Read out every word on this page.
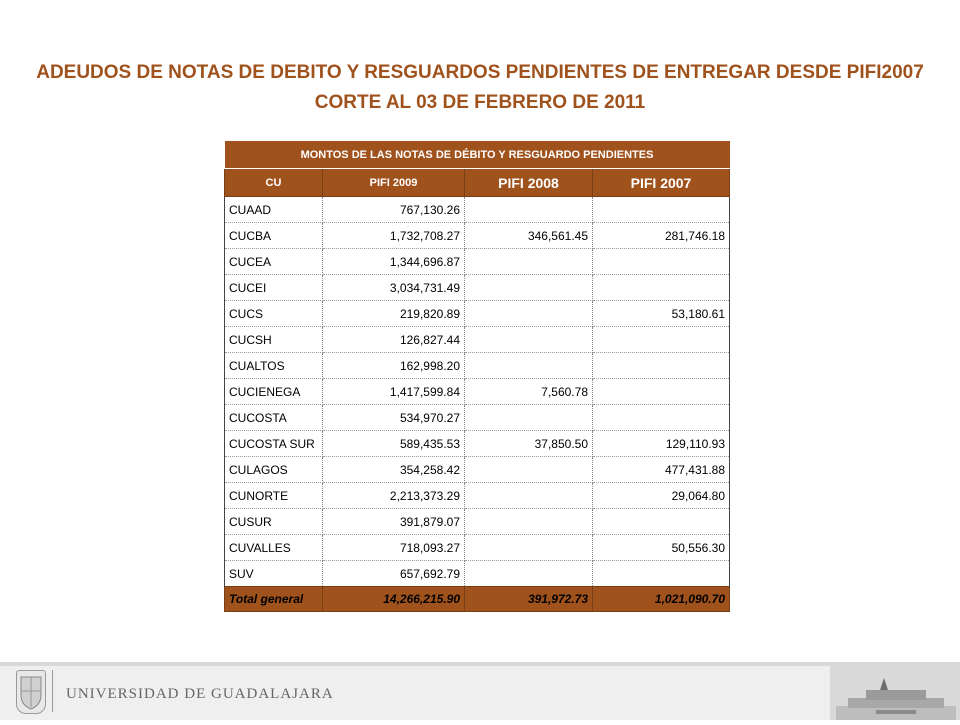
ADEUDOS DE NOTAS DE DEBITO Y RESGUARDOS PENDIENTES DE ENTREGAR DESDE PIFI2007
CORTE AL 03 DE FEBRERO DE 2011
MONTOS DE LAS NOTAS DE DÉBITO Y RESGUARDO PENDIENTES			
CU	PIFI 2009	PIFI 2008	PIFI 2007
CUAAD	767,130.26		
CUCBA	1,732,708.27	346,561.45	281,746.18
CUCEA	1,344,696.87		
CUCEI	3,034,731.49		
CUCS	219,820.89		53,180.61
CUCSH	126,827.44		
CUALTOS	162,998.20		
CUCIENEGA	1,417,599.84	7,560.78	
CUCOSTA	534,970.27		
CUCOSTA SUR	589,435.53	37,850.50	129,110.93
CULAGOS	354,258.42		477,431.88
CUNORTE	2,213,373.29		29,064.80
CUSUR	391,879.07		
CUVALLES	718,093.27		50,556.30
SUV	657,692.79		
Total general	14,266,215.90	391,972.73	1,021,090.70
UNIVERSIDAD DE GUADALAJARA
